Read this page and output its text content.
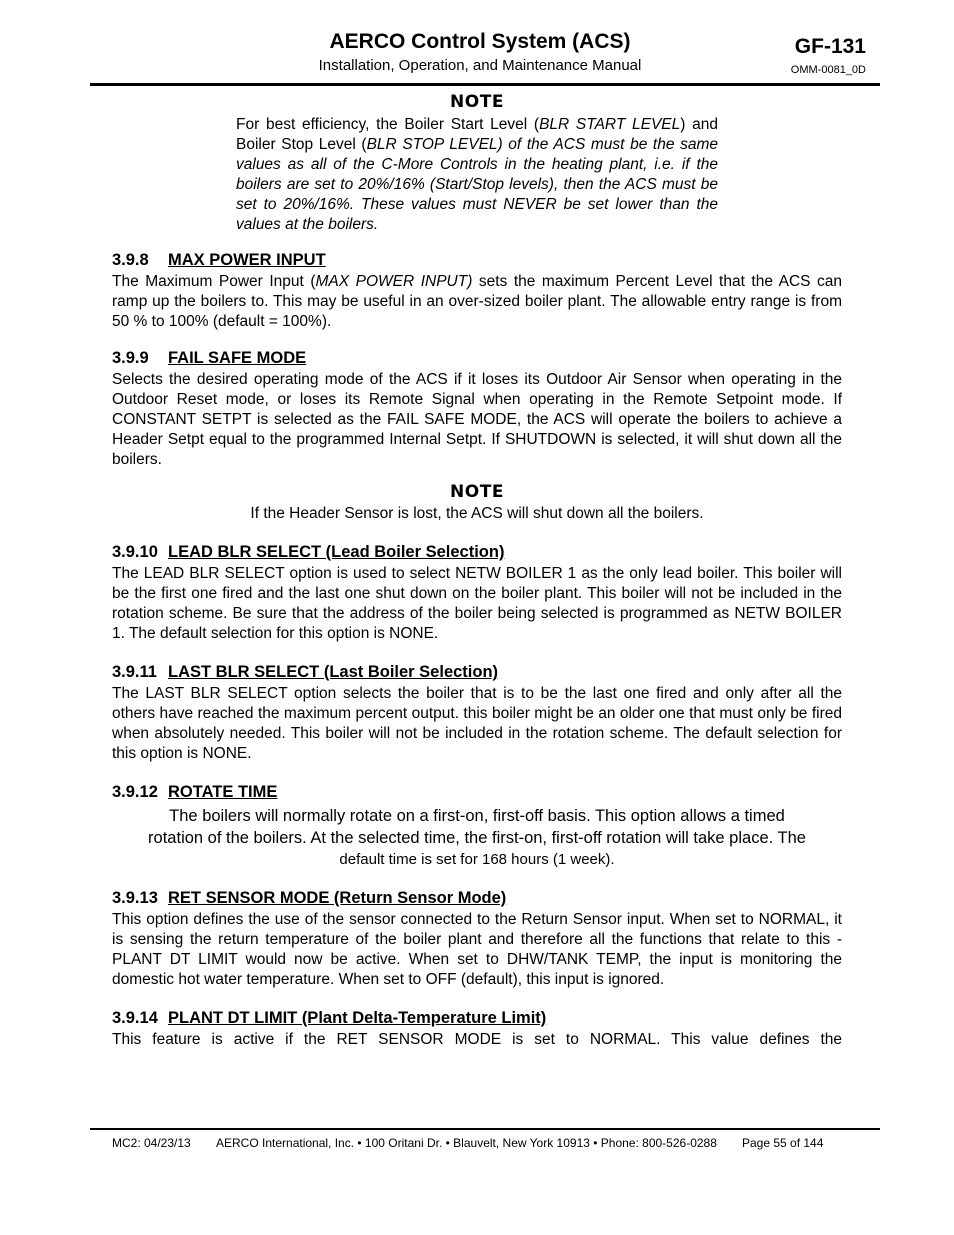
AERCO Control System (ACS)
Installation, Operation, and Maintenance Manual
GF-131
OMM-0081_0D

NOTE

For best efficiency, the Boiler Start Level (BLR START LEVEL) and Boiler Stop Level (BLR STOP LEVEL) of the ACS must be the same values as all of the C-More Controls in the heating plant, i.e. if the boilers are set to 20%/16% (Start/Stop levels), then the ACS must be set to 20%/16%. These values must NEVER be set lower than the values at the boilers.

3.9.8 MAX POWER INPUT

The Maximum Power Input (MAX POWER INPUT) sets the maximum Percent Level that the ACS can ramp up the boilers to. This may be useful in an over-sized boiler plant. The allowable entry range is from 50 % to 100% (default = 100%).

3.9.9 FAIL SAFE MODE

Selects the desired operating mode of the ACS if it loses its Outdoor Air Sensor when operating in the Outdoor Reset mode, or loses its Remote Signal when operating in the Remote Setpoint mode. If CONSTANT SETPT is selected as the FAIL SAFE MODE, the ACS will operate the boilers to achieve a Header Setpt equal to the programmed Internal Setpt. If SHUTDOWN is selected, it will shut down all the boilers.

NOTE

If the Header Sensor is lost, the ACS will shut down all the boilers.

3.9.10 LEAD BLR SELECT (Lead Boiler Selection)

The LEAD BLR SELECT option is used to select NETW BOILER 1 as the only lead boiler. This boiler will be the first one fired and the last one shut down on the boiler plant. This boiler will not be included in the rotation scheme. Be sure that the address of the boiler being selected is programmed as NETW BOILER 1. The default selection for this option is NONE.

3.9.11 LAST BLR SELECT (Last Boiler Selection)

The LAST BLR SELECT option selects the boiler that is to be the last one fired and only after all the others have reached the maximum percent output. this boiler might be an older one that must only be fired when absolutely needed. This boiler will not be included in the rotation scheme. The default selection for this option is NONE.

3.9.12 ROTATE TIME

The boilers will normally rotate on a first-on, first-off basis. This option allows a timed

rotation of the boilers. At the selected time, the first-on, first-off rotation will take place. The

default time is set for 168 hours (1 week).

3.9.13 RET SENSOR MODE (Return Sensor Mode)

This option defines the use of the sensor connected to the Return Sensor input. When set to NORMAL, it is sensing the return temperature of the boiler plant and therefore all the functions that relate to this - PLANT DT LIMIT would now be active. When set to DHW/TANK TEMP, the input is monitoring the domestic hot water temperature. When set to OFF (default), this input is ignored.

3.9.14 PLANT DT LIMIT (Plant Delta-Temperature Limit)

This feature is active if the RET SENSOR MODE is set to NORMAL. This value defines the

MC2: 04/23/13 AERCO International, Inc. • 100 Oritani Dr. • Blauvelt, New York 10913 • Phone: 800-526-0288 Page 55 of 144
